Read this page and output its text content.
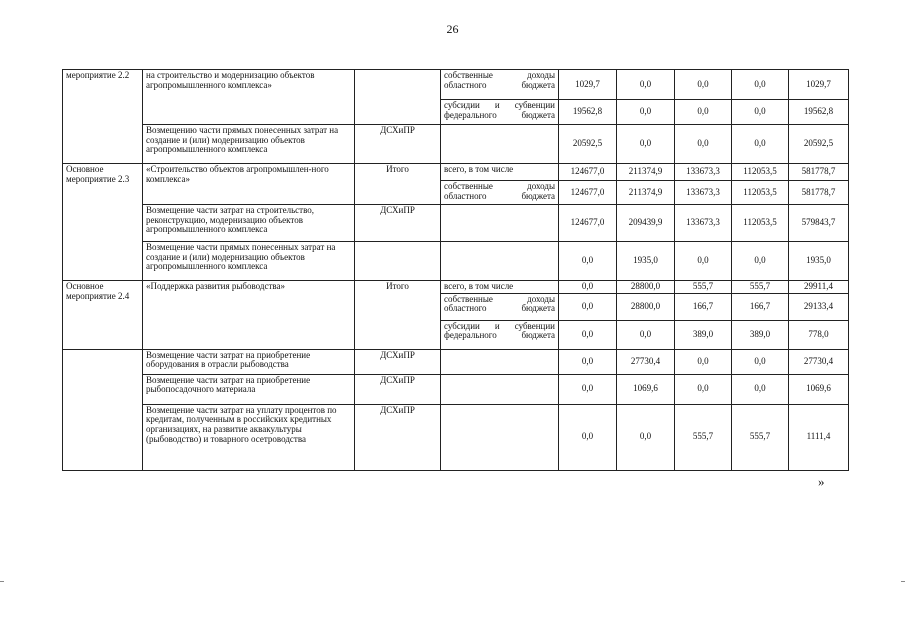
26
мероприятие 2.2	на строительство и модернизацию объектов агропромышленного комплекса»		собственные доходы областного бюджета	1029,7	0,0	0,0	0,0	1029,7
			субсидии и субвенции федерального бюджета	19562,8	0,0	0,0	0,0	19562,8
	Возмещению части прямых понесенных затрат на создание и (или) модернизацию объектов агропромышленного комплекса	ДСХиПР		20592,5	0,0	0,0	0,0	20592,5
Основное мероприятие 2.3	«Строительство объектов агропромышлен-ного комплекса»	Итого	всего, в том числе	124677,0	211374,9	133673,3	112053,5	581778,7
			собственные доходы областного бюджета	124677,0	211374,9	133673,3	112053,5	581778,7
	Возмещение части затрат на строительство, реконструкцию, модернизацию объектов агропромышленного комплекса	ДСХиПР		124677,0	209439,9	133673,3	112053,5	579843,7
	Возмещение части прямых понесенных затрат на создание и (или) модернизацию объектов агропромышленного комплекса			0,0	1935,0	0,0	0,0	1935,0
Основное мероприятие 2.4	«Поддержка развития рыбоводства»	Итого	всего, в том числе	0,0	28800,0	555,7	555,7	29911,4
			собственные доходы областного бюджета	0,0	28800,0	166,7	166,7	29133,4
			субсидии и субвенции федерального бюджета	0,0	0,0	389,0	389,0	778,0
	Возмещение части затрат на приобретение оборудования в отрасли рыбоводства	ДСХиПР		0,0	27730,4	0,0	0,0	27730,4
	Возмещение части затрат на приобретение рыбопосадочного материала	ДСХиПР		0,0	1069,6	0,0	0,0	1069,6
	Возмещение части затрат на уплату процентов по кредитам, полученным в российских кредитных организациях, на развитие аквакультуры (рыбоводство) и товарного осетроводства	ДСХиПР		0,0	0,0	555,7	555,7	1111,4
»
